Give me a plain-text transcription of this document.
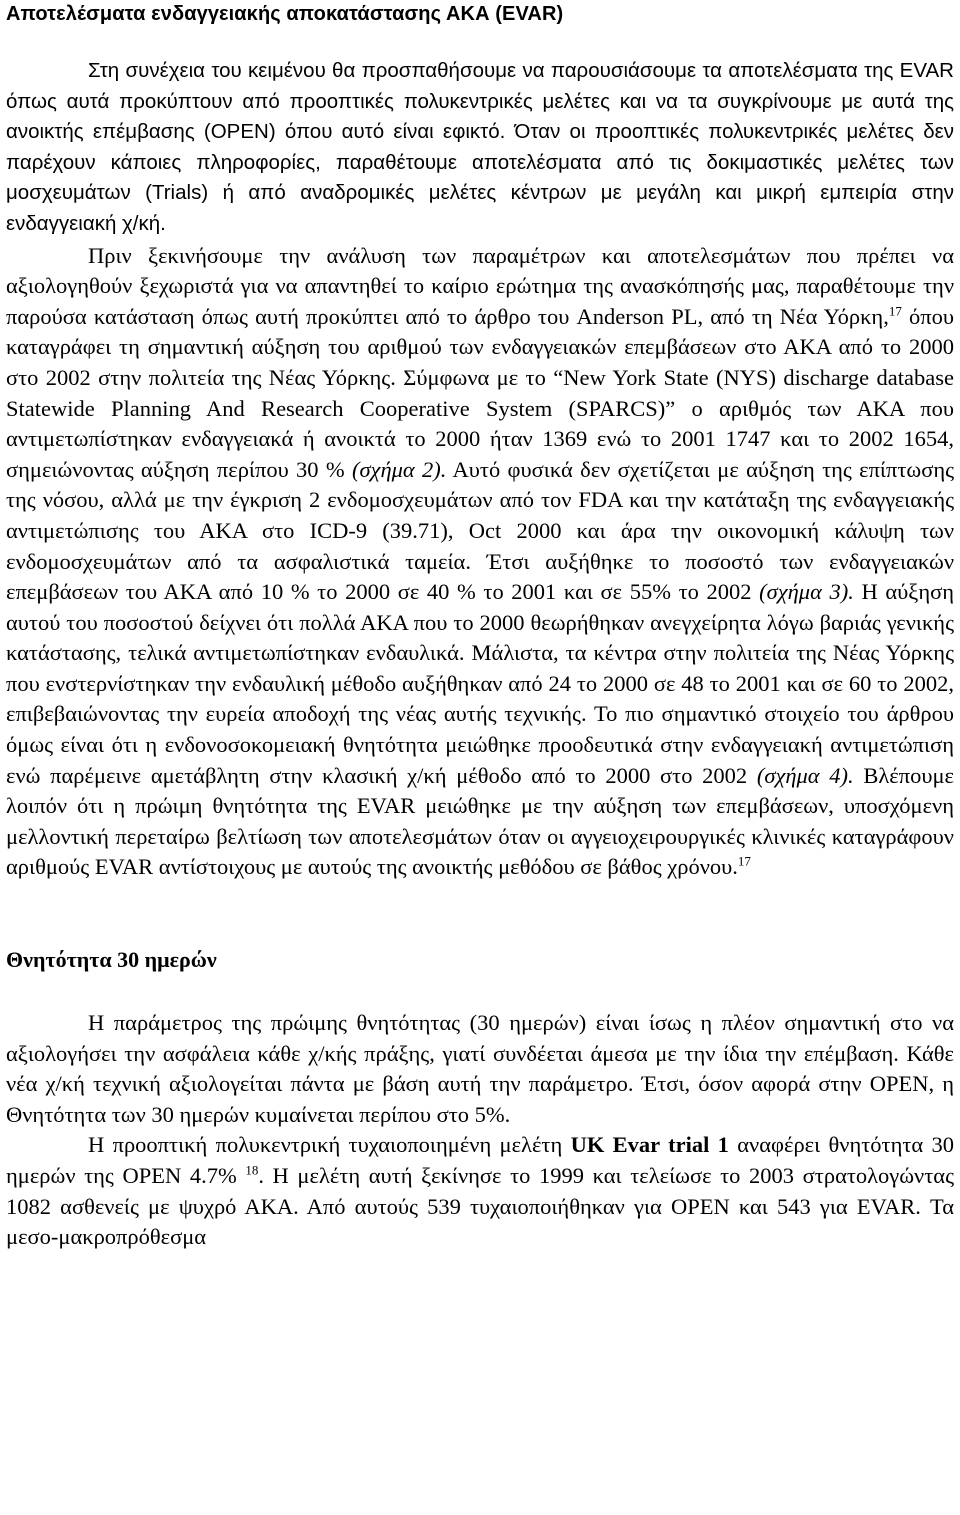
Αποτελέσματα ενδαγγειακής αποκατάστασης ΑΚΑ (EVAR)

Στη συνέχεια του κειμένου θα προσπαθήσουμε να παρουσιάσουμε τα αποτελέσματα της EVAR όπως αυτά προκύπτουν από προοπτικές πολυκεντρικές μελέτες και να τα συγκρίνουμε με αυτά της ανοικτής επέμβασης (OPEN) όπου αυτό είναι εφικτό. Όταν οι προοπτικές πολυκεντρικές μελέτες δεν παρέχουν κάποιες πληροφορίες, παραθέτουμε αποτελέσματα από τις δοκιμαστικές μελέτες των μοσχευμάτων (Trials) ή από αναδρομικές μελέτες κέντρων με μεγάλη και μικρή εμπειρία στην ενδαγγειακή χ/κή.

Πριν ξεκινήσουμε την ανάλυση των παραμέτρων και αποτελεσμάτων που πρέπει να αξιολογηθούν ξεχωριστά για να απαντηθεί το καίριο ερώτημα της ανασκόπησής μας, παραθέτουμε την παρούσα κατάσταση όπως αυτή προκύπτει από το άρθρο του Anderson PL, από τη Νέα Υόρκη,$^{17}$ όπου καταγράφει τη σημαντική αύξηση του αριθμού των ενδαγγειακών επεμβάσεων στο ΑΚΑ από το 2000 στο 2002 στην πολιτεία της Νέας Υόρκης. Σύμφωνα με το “New York State (NYS) discharge database Statewide Planning And Research Cooperative System (SPARCS)” ο αριθμός των ΑΚΑ που αντιμετωπίστηκαν ενδαγγειακά ή ανοικτά το 2000 ήταν 1369 ενώ το 2001 1747 και το 2002 1654, σημειώνοντας αύξηση περίπου 30 % (σχήμα 2). Αυτό φυσικά δεν σχετίζεται με αύξηση της επίπτωσης της νόσου, αλλά με την έγκριση 2 ενδομοσχευμάτων από τον FDA και την κατάταξη της ενδαγγειακής αντιμετώπισης του ΑΚΑ στο ICD-9 (39.71), Oct 2000 και άρα την οικονομική κάλυψη των ενδομοσχευμάτων από τα ασφαλιστικά ταμεία. Έτσι αυξήθηκε το ποσοστό των ενδαγγειακών επεμβάσεων του ΑΚΑ από 10 % το 2000 σε 40 % το 2001 και σε 55% το 2002 (σχήμα 3). Η αύξηση αυτού του ποσοστού δείχνει ότι πολλά ΑΚΑ που το 2000 θεωρήθηκαν ανεγχείρητα λόγω βαριάς γενικής κατάστασης, τελικά αντιμετωπίστηκαν ενδαυλικά. Μάλιστα, τα κέντρα στην πολιτεία της Νέας Υόρκης που ενστερνίστηκαν την ενδαυλική μέθοδο αυξήθηκαν από 24 το 2000 σε 48 το 2001 και σε 60 το 2002, επιβεβαιώνοντας την ευρεία αποδοχή της νέας αυτής τεχνικής. Το πιο σημαντικό στοιχείο του άρθρου όμως είναι ότι η ενδονοσοκομειακή θνητότητα μειώθηκε προοδευτικά στην ενδαγγειακή αντιμετώπιση ενώ παρέμεινε αμετάβλητη στην κλασική χ/κή μέθοδο από το 2000 στο 2002 (σχήμα 4). Βλέπουμε λοιπόν ότι η πρώιμη θνητότητα της EVAR μειώθηκε με την αύξηση των επεμβάσεων, υποσχόμενη μελλοντική περεταίρω βελτίωση των αποτελεσμάτων όταν οι αγγειοχειρουργικές κλινικές καταγράφουν αριθμούς EVAR αντίστοιχους με αυτούς της ανοικτής μεθόδου σε βάθος χρόνου.$^{17}$

Θνητότητα 30 ημερών

Η παράμετρος της πρώιμης θνητότητας (30 ημερών) είναι ίσως η πλέον σημαντική στο να αξιολογήσει την ασφάλεια κάθε χ/κής πράξης, γιατί συνδέεται άμεσα με την ίδια την επέμβαση. Κάθε νέα χ/κή τεχνική αξιολογείται πάντα με βάση αυτή την παράμετρο. Έτσι, όσον αφορά στην OPEN, η Θνητότητα των 30 ημερών κυμαίνεται περίπου στο 5%.

Η προοπτική πολυκεντρική τυχαιοποιημένη μελέτη UK Evar trial 1 αναφέρει θνητότητα 30 ημερών της OPEN 4.7% $^{18}$. Η μελέτη αυτή ξεκίνησε το 1999 και τελείωσε το 2003 στρατολογώντας 1082 ασθενείς με ψυχρό ΑΚΑ. Από αυτούς 539 τυχαιοποιήθηκαν για OPEN και 543 για EVAR. Τα μεσο-μακροπρόθεσμα
